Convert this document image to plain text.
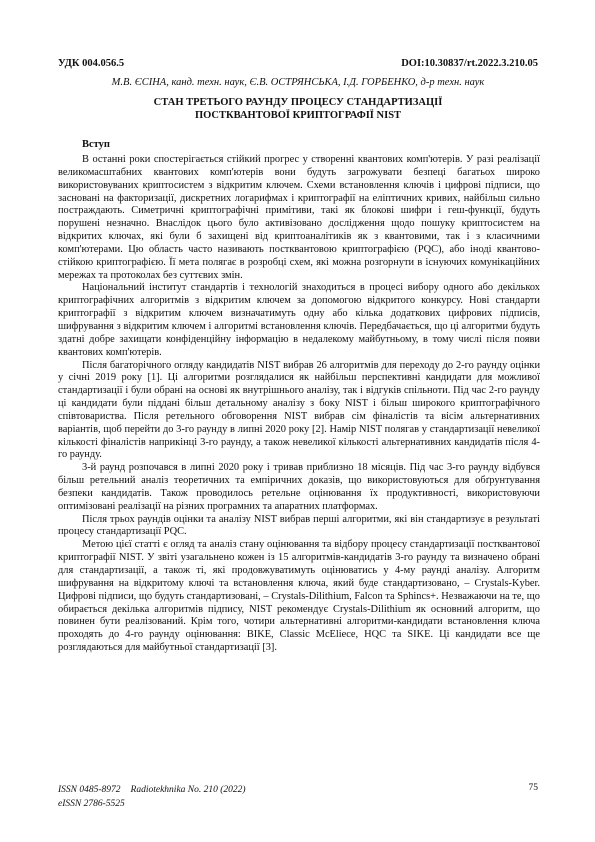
УДК 004.056.5	DOI:10.30837/rt.2022.3.210.05
М.В. ЄСІНА, канд. техн. наук, Є.В. ОСТРЯНСЬКА, І.Д. ГОРБЕНКО, д-р техн. наук
СТАН ТРЕТЬОГО РАУНДУ ПРОЦЕСУ СТАНДАРТИЗАЦІЇ
ПОСТКВАНТОВОЇ КРИПТОГРАФІЇ NIST
Вступ

В останні роки спостерігається стійкий прогрес у створенні квантових комп'ютерів. У разі реалізації великомасштабних квантових комп'ютерів вони будуть загрожувати безпеці багатьох широко використовуваних криптосистем з відкритим ключем. Схеми встановлення ключів і цифрові підписи, що засновані на факторизації, дискретних логарифмах і криптографії на еліптичних кривих, найбільш сильно постраждають. Симетричні криптографічні примітиви, такі як блокові шифри і геш-функції, будуть порушені незначно. Внаслідок цього було активізовано дослідження щодо пошуку криптосистем на відкритих ключах, які були б захищені від криптоаналітиків як з квантовими, так і з класичними комп'ютерами. Цю область часто називають постквантовою криптографією (PQC), або іноді квантово-стійкою криптографією. Її мета полягає в розробці схем, які можна розгорнути в існуючих комунікаційних мережах та протоколах без суттєвих змін.

Національний інститут стандартів і технологій знаходиться в процесі вибору одного або декількох криптографічних алгоритмів з відкритим ключем за допомогою відкритого конкурсу. Нові стандарти криптографії з відкритим ключем визначатимуть одну або кілька додаткових цифрових підписів, шифрування з відкритим ключем і алгоритмі встановлення ключів. Передбачається, що ці алгоритми будуть здатні добре захищати конфіденційну інформацію в недалекому майбутньому, в тому числі після появи квантових комп'ютерів.

Після багаторічного огляду кандидатів NIST вибрав 26 алгоритмів для переходу до 2-го раунду оцінки у січні 2019 року [1]. Ці алгоритми розглядалися як найбільш перспективні кандидати для можливої стандартизації і були обрані на основі як внутрішнього аналізу, так і відгуків спільноти. Під час 2-го раунду ці кандидати були піддані більш детальному аналізу з боку NIST і більш широкого криптографічного співтовариства. Після ретельного обговорення NIST вибрав сім фіналістів та вісім альтернативних варіантів, щоб перейти до 3-го раунду в липні 2020 року [2]. Намір NIST полягав у стандартизації невеликої кількості фіналістів наприкінці 3-го раунду, а також невеликої кількості альтернативних кандидатів після 4-го раунду.

3-й раунд розпочався в липні 2020 року і тривав приблизно 18 місяців. Під час 3-го раунду відбувся більш ретельний аналіз теоретичних та емпіричних доказів, що використовуються для обґрунтування безпеки кандидатів. Також проводилось ретельне оцінювання їх продуктивності, використовуючи оптимізовані реалізації на різних програмних та апаратних платформах.

Після трьох раундів оцінки та аналізу NIST вибрав перші алгоритми, які він стандартизує в результаті процесу стандартизації PQC.

Метою цієї статті є огляд та аналіз стану оцінювання та відбору процесу стандартизації постквантової криптографії NIST. У звіті узагальнено кожен із 15 алгоритмів-кандидатів 3-го раунду та визначено обрані для стандартизації, а також ті, які продовжуватимуть оцінюватись у 4-му раунді аналізу. Алгоритм шифрування на відкритому ключі та встановлення ключа, який буде стандартизовано, – Crystals-Kyber. Цифрові підписи, що будуть стандартизовані, – Crystals-Dilithium, Falcon та Sphincs+. Незважаючи на те, що обирається декілька алгоритмів підпису, NIST рекомендує Crystals-Dilithium як основний алгоритм, що повинен бути реалізований. Крім того, чотири альтернативні алгоритми-кандидати встановлення ключа проходять до 4-го раунду оцінювання: BIKE, Classic McEliece, HQC та SIKE. Ці кандидати все ще розглядаються для майбутньої стандартизації [3].

ISSN 0485-8972 Radiotekhnika No. 210 (2022)
eISSN 2786-5525
75
